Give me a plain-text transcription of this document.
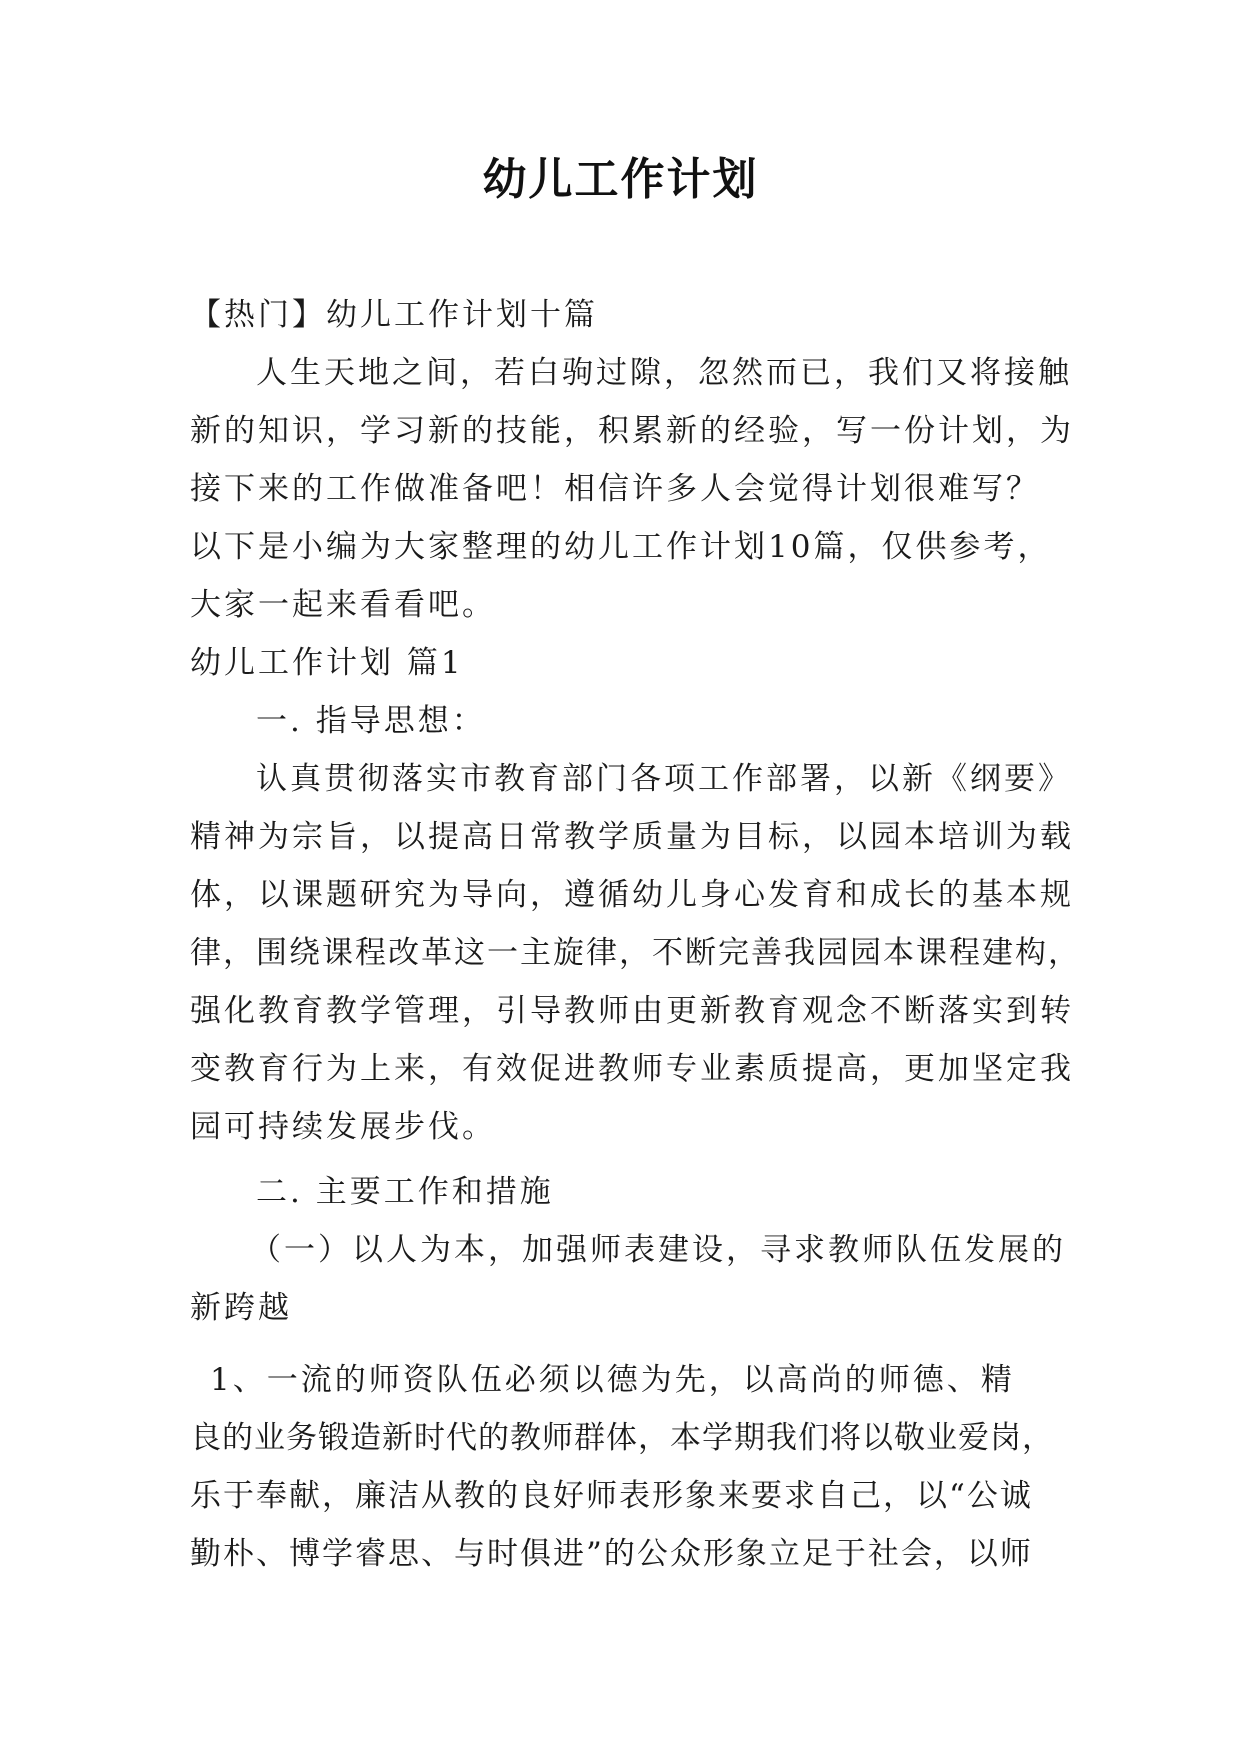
幼儿工作计划
【热门】幼儿工作计划十篇
人生天地之间，若白驹过隙，忽然而已，我们又将接触
新的知识，学习新的技能，积累新的经验，写一份计划，为
接下来的工作做准备吧！相信许多人会觉得计划很难写？
以下是小编为大家整理的幼儿工作计划10篇，仅供参考，
大家一起来看看吧。
幼儿工作计划 篇1
一. 指导思想：
认真贯彻落实市教育部门各项工作部署，以新《纲要》
精神为宗旨，以提高日常教学质量为目标，以园本培训为载
体，以课题研究为导向，遵循幼儿身心发育和成长的基本规
律，围绕课程改革这一主旋律，不断完善我园园本课程建构，
强化教育教学管理，引导教师由更新教育观念不断落实到转
变教育行为上来，有效促进教师专业素质提高，更加坚定我
园可持续发展步伐。
二. 主要工作和措施
（一）以人为本，加强师表建设，寻求教师队伍发展的
新跨越
1、一流的师资队伍必须以德为先，以高尚的师德、精
良的业务锻造新时代的教师群体，本学期我们将以敬业爱岗，
乐于奉献，廉洁从教的良好师表形象来要求自己，以“公诚
勤朴、博学睿思、与时俱进”的公众形象立足于社会，以师
